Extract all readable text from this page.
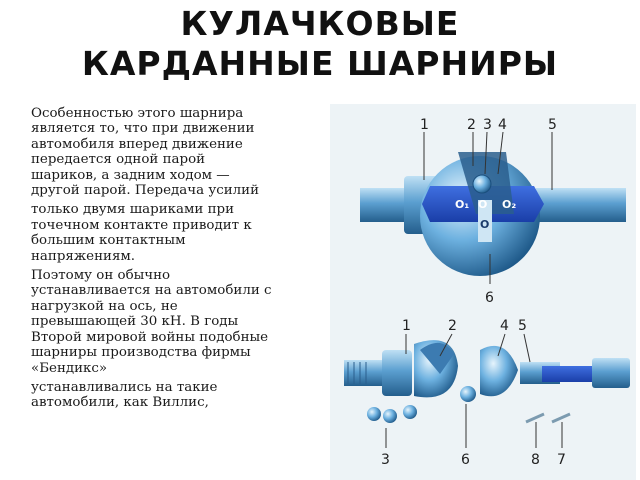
КУЛАЧКОВЫЕ
КАРДАННЫЕ ШАРНИРЫ

Особенностью этого шарнира
является то, что при движении
автомобиля вперед движение
передается одной парой
шариков, а задним ходом —
другой парой. Передача усилий

только двумя шариками при
точечном контакте приводит к
большим контактным
напряжениям.

Поэтому он обычно
устанавливается на автомобили с
нагрузкой на ось, не
превышающей 30 кН. В годы
Второй мировой войны подобные
шарниры производства фирмы
«Бендикс»

устанавливались на такие
автомобили, как Виллис,

O₁ O O₂
O
1	2 3 4	5
6
1	2	4 5
3	6	8 7
